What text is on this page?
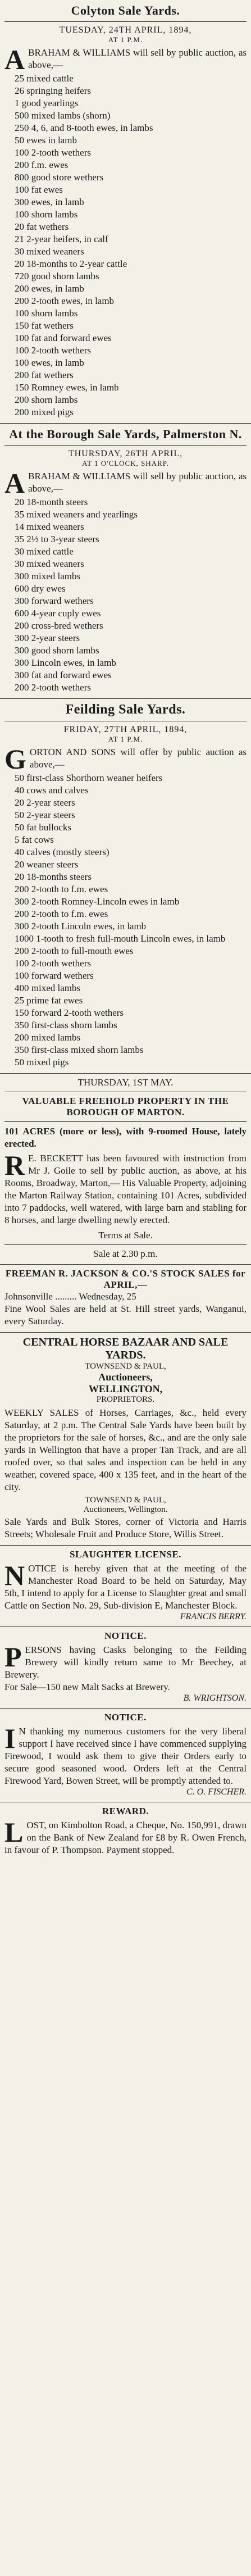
Colyton Sale Yards.
TUESDAY, 24TH APRIL, 1894,
AT 1 P.M.
A BRAHAM & WILLIAMS will sell by public auction, as above,—
25 mixed cattle
26 springing heifers
1 good yearlings
500 mixed lambs (shorn)
250 4, 6, and 8-tooth ewes, in lambs
50 ewes in lamb
100 2-tooth wethers
200 f.m. ewes
800 good store wethers
100 fat ewes
300 ewes, in lamb
100 shorn lambs
20 fat wethers
21 2-year heifers, in calf
30 mixed weaners
20 18-months to 2-year cattle
720 good shorn lambs
200 ewes, in lamb
200 2-tooth ewes, in lamb
100 shorn lambs
150 fat wethers
100 fat and forward ewes
100 2-tooth wethers
100 ewes, in lamb
200 fat wethers
150 Romney ewes, in lamb
200 shorn lambs
200 mixed pigs
At the Borough Sale Yards, Palmerston N.
THURSDAY, 26TH APRIL,
AT 1 O'CLOCK, SHARP.
A BRAHAM & WILLIAMS will sell by public auction, as above,—
20 18-month steers
35 mixed weaners and yearlings
14 mixed weaners
35 2½ to 3-year steers
30 mixed cattle
30 mixed weaners
300 mixed lambs
600 dry ewes
300 forward wethers
600 4-year cuply ewes
200 cross-bred wethers
300 2-year steers
300 good shorn lambs
300 Lincoln ewes, in lamb
300 fat and forward ewes
200 2-tooth wethers
Feilding Sale Yards.
FRIDAY, 27TH APRIL, 1894,
AT 1 P.M.
G ORTON AND SONS will offer by public auction as above,—
50 first-class Shorthorn weaner heifers
40 cows and calves
20 2-year steers
50 2-year steers
50 fat bullocks
5 fat cows
40 calves (mostly steers)
20 weaner steers
20 18-months steers
200 2-tooth to f.m. ewes
300 2-tooth Romney-Lincoln ewes in lamb
200 2-tooth to f.m. ewes
300 2-tooth Lincoln ewes, in lamb
1000 1-tooth to fresh full-mouth Lincoln ewes, in lamb
200 2-tooth to full-mouth ewes
100 2-tooth wethers
100 forward wethers
400 mixed lambs
25 prime fat ewes
150 forward 2-tooth wethers
350 first-class shorn lambs
200 mixed lambs
350 first-class mixed shorn lambs
50 mixed pigs
THURSDAY, 1ST MAY.
VALUABLE FREEHOLD PROPERTY IN THE BOROUGH OF MARTON.
101 ACRES (more or less), with 9-roomed House, lately erected.
R E. BECKETT has been favoured with instruction from Mr J. Goile to sell by public auction, as above, at his Rooms, Broadway, Marton,— His Valuable Property, adjoining the Marton Railway Station, containing 101 Acres, subdivided into 7 paddocks, well watered, with large barn and stabling for 8 horses, and large dwelling newly erected.
Terms at Sale.
Sale at 2.30 p.m.
FREEMAN R. JACKSON & CO.'S STOCK SALES for APRIL,—
Johnsonville ......... Wednesday, 25
Fine Wool Sales are held at St. Hill street yards, Wanganui, every Saturday.
CENTRAL HORSE BAZAAR AND SALE YARDS.
TOWNSEND & PAUL,
Auctioneers,
WELLINGTON,
PROPRIETORS.
WEEKLY SALES of Horses, Carriages, &c., held every Saturday, at 2 p.m. The Central Sale Yards have been built by the proprietors for the sale of horses, &c., and are the only sale yards in Wellington that have a proper Tan Track, and are all roofed over, so that sales and inspection can be held in any weather, covered space, 400 x 135 feet, and in the heart of the city.
TOWNSEND & PAUL,
Auctioneers, Wellington.
Sale Yards and Bulk Stores, corner of Victoria and Harris Streets; Wholesale Fruit and Produce Store, Willis Street.
SLAUGHTER LICENSE.
N OTICE is hereby given that at the meeting of the Manchester Road Board to be held on Saturday, May 5th, I intend to apply for a License to Slaughter great and small Cattle on Section No. 29, Sub-division E, Manchester Block.
FRANCIS BERRY.
NOTICE.
P ERSONS having Casks belonging to the Feilding Brewery will kindly return same to Mr Beechey, at Brewery.
For Sale—150 new Malt Sacks at Brewery.
B. WRIGHTSON.
NOTICE.
I N thanking my numerous customers for the very liberal support I have received since I have commenced supplying Firewood, I would ask them to give their Orders early to secure good seasoned wood. Orders left at the Central Firewood Yard, Bowen Street, will be promptly attended to.
C. O. FISCHER.
REWARD.
L OST, on Kimbolton Road, a Cheque, No. 150,991, drawn on the Bank of New Zealand for £8 by R. Owen French, in favour of P. Thompson. Payment stopped.
